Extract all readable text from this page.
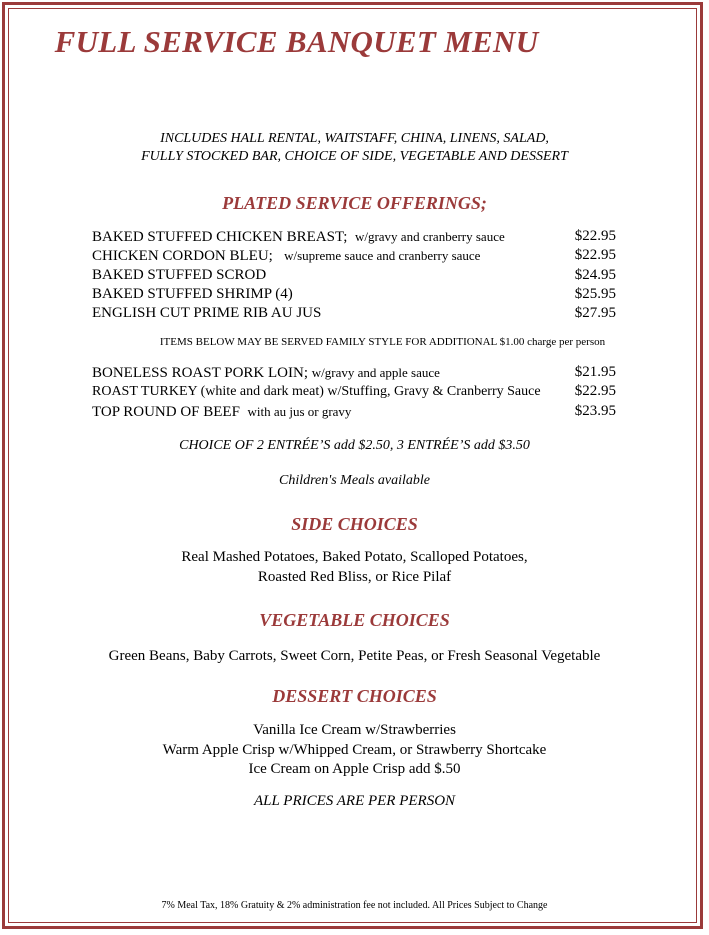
FULL SERVICE BANQUET MENU
INCLUDES HALL RENTAL, WAITSTAFF, CHINA, LINENS, SALAD,
FULLY STOCKED BAR, CHOICE OF SIDE, VEGETABLE AND DESSERT
PLATED SERVICE OFFERINGS;
BAKED STUFFED CHICKEN BREAST; w/gravy and cranberry sauce	$22.95
CHICKEN CORDON BLEU; w/supreme sauce and cranberry sauce	$22.95
BAKED STUFFED SCROD	$24.95
BAKED STUFFED SHRIMP (4)	$25.95
ENGLISH CUT PRIME RIB AU JUS	$27.95
ITEMS BELOW MAY BE SERVED FAMILY STYLE FOR ADDITIONAL $1.00 charge per person
BONELESS ROAST PORK LOIN; w/gravy and apple sauce	$21.95
ROAST TURKEY (white and dark meat) w/Stuffing, Gravy & Cranberry Sauce $22.95
TOP ROUND OF BEEF with au jus or gravy	$23.95
CHOICE OF 2 ENTRÉE’S add $2.50, 3 ENTRÉE’S add $3.50
Children's Meals available
SIDE CHOICES
Real Mashed Potatoes, Baked Potato, Scalloped Potatoes,
Roasted Red Bliss, or Rice Pilaf
VEGETABLE CHOICES
Green Beans, Baby Carrots, Sweet Corn, Petite Peas, or Fresh Seasonal Vegetable
DESSERT CHOICES
Vanilla Ice Cream w/Strawberries
Warm Apple Crisp w/Whipped Cream, or Strawberry Shortcake
Ice Cream on Apple Crisp add $.50
ALL PRICES ARE PER PERSON
7% Meal Tax, 18% Gratuity & 2% administration fee not included. All Prices Subject to Change
